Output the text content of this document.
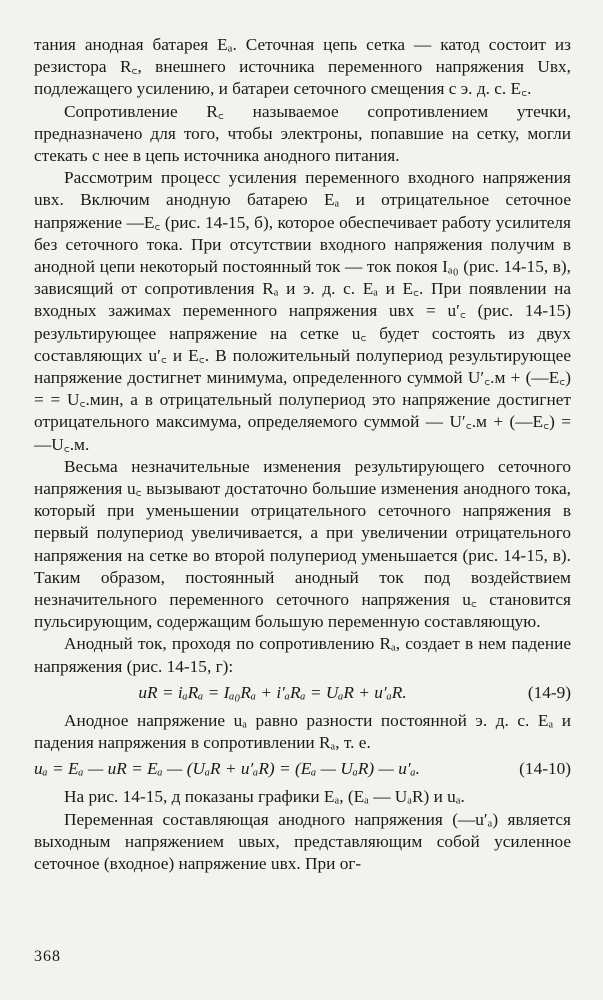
тания анодная батарея Eₐ. Сеточная цепь сетка — катод состоит из резистора R꜀, внешнего источника переменного напряжения Uвх, подлежащего усилению, и батареи сеточного смещения с э. д. с. E꜀.

Сопротивление R꜀ называемое сопротивлением утечки, предназначено для того, чтобы электроны, попавшие на сетку, могли стекать с нее в цепь источника анодного питания.

Рассмотрим процесс усиления переменного входного напряжения uвх. Включим анодную батарею Eₐ и отрицательное сеточное напряжение —E꜀ (рис. 14-15, б), которое обеспечивает работу усилителя без сеточного тока. При отсутствии входного напряжения получим в анодной цепи некоторый постоянный ток — ток покоя Iₐ₀ (рис. 14-15, в), зависящий от сопротивления Rₐ и э. д. с. Eₐ и E꜀. При появлении на входных зажимах переменного напряжения uвх = u′꜀ (рис. 14-15) результирующее напряжение на сетке u꜀ будет состоять из двух составляющих u′꜀ и E꜀. В положительный полупериод результирующее напряжение достигнет минимума, определенного суммой U′꜀.м + (—E꜀) = = U꜀.мин, а в отрицательный полупериод это напряжение достигнет отрицательного максимума, определяемого суммой — U′꜀.м + (—E꜀) = —U꜀.м.

Весьма незначительные изменения результирующего сеточного напряжения u꜀ вызывают достаточно большие изменения анодного тока, который при уменьшении отрицательного сеточного напряжения в первый полупериод увеличивается, а при увеличении отрицательного напряжения на сетке во второй полупериод уменьшается (рис. 14-15, в). Таким образом, постоянный анодный ток под воздействием незначительного переменного сеточного напряжения u꜀ становится пульсирующим, содержащим большую переменную составляющую.

Анодный ток, проходя по сопротивлению Rₐ, создает в нем падение напряжения (рис. 14-15, г):

uR = iₐRₐ = Iₐ₀Rₐ + i′ₐRₐ = UₐR + u′ₐR.	(14-9)

Анодное напряжение uₐ равно разности постоянной э. д. с. Eₐ и падения напряжения в сопротивлении Rₐ, т. е.

uₐ = Eₐ — uR = Eₐ — (UₐR + u′ₐR) = (Eₐ — UₐR) — u′ₐ.	(14-10)

На рис. 14-15, д показаны графики Eₐ, (Eₐ — UₐR) и uₐ.

Переменная составляющая анодного напряжения (—u′ₐ) является выходным напряжением uвых, представляющим собой усиленное сеточное (входное) напряжение uвх. При ог-

368
